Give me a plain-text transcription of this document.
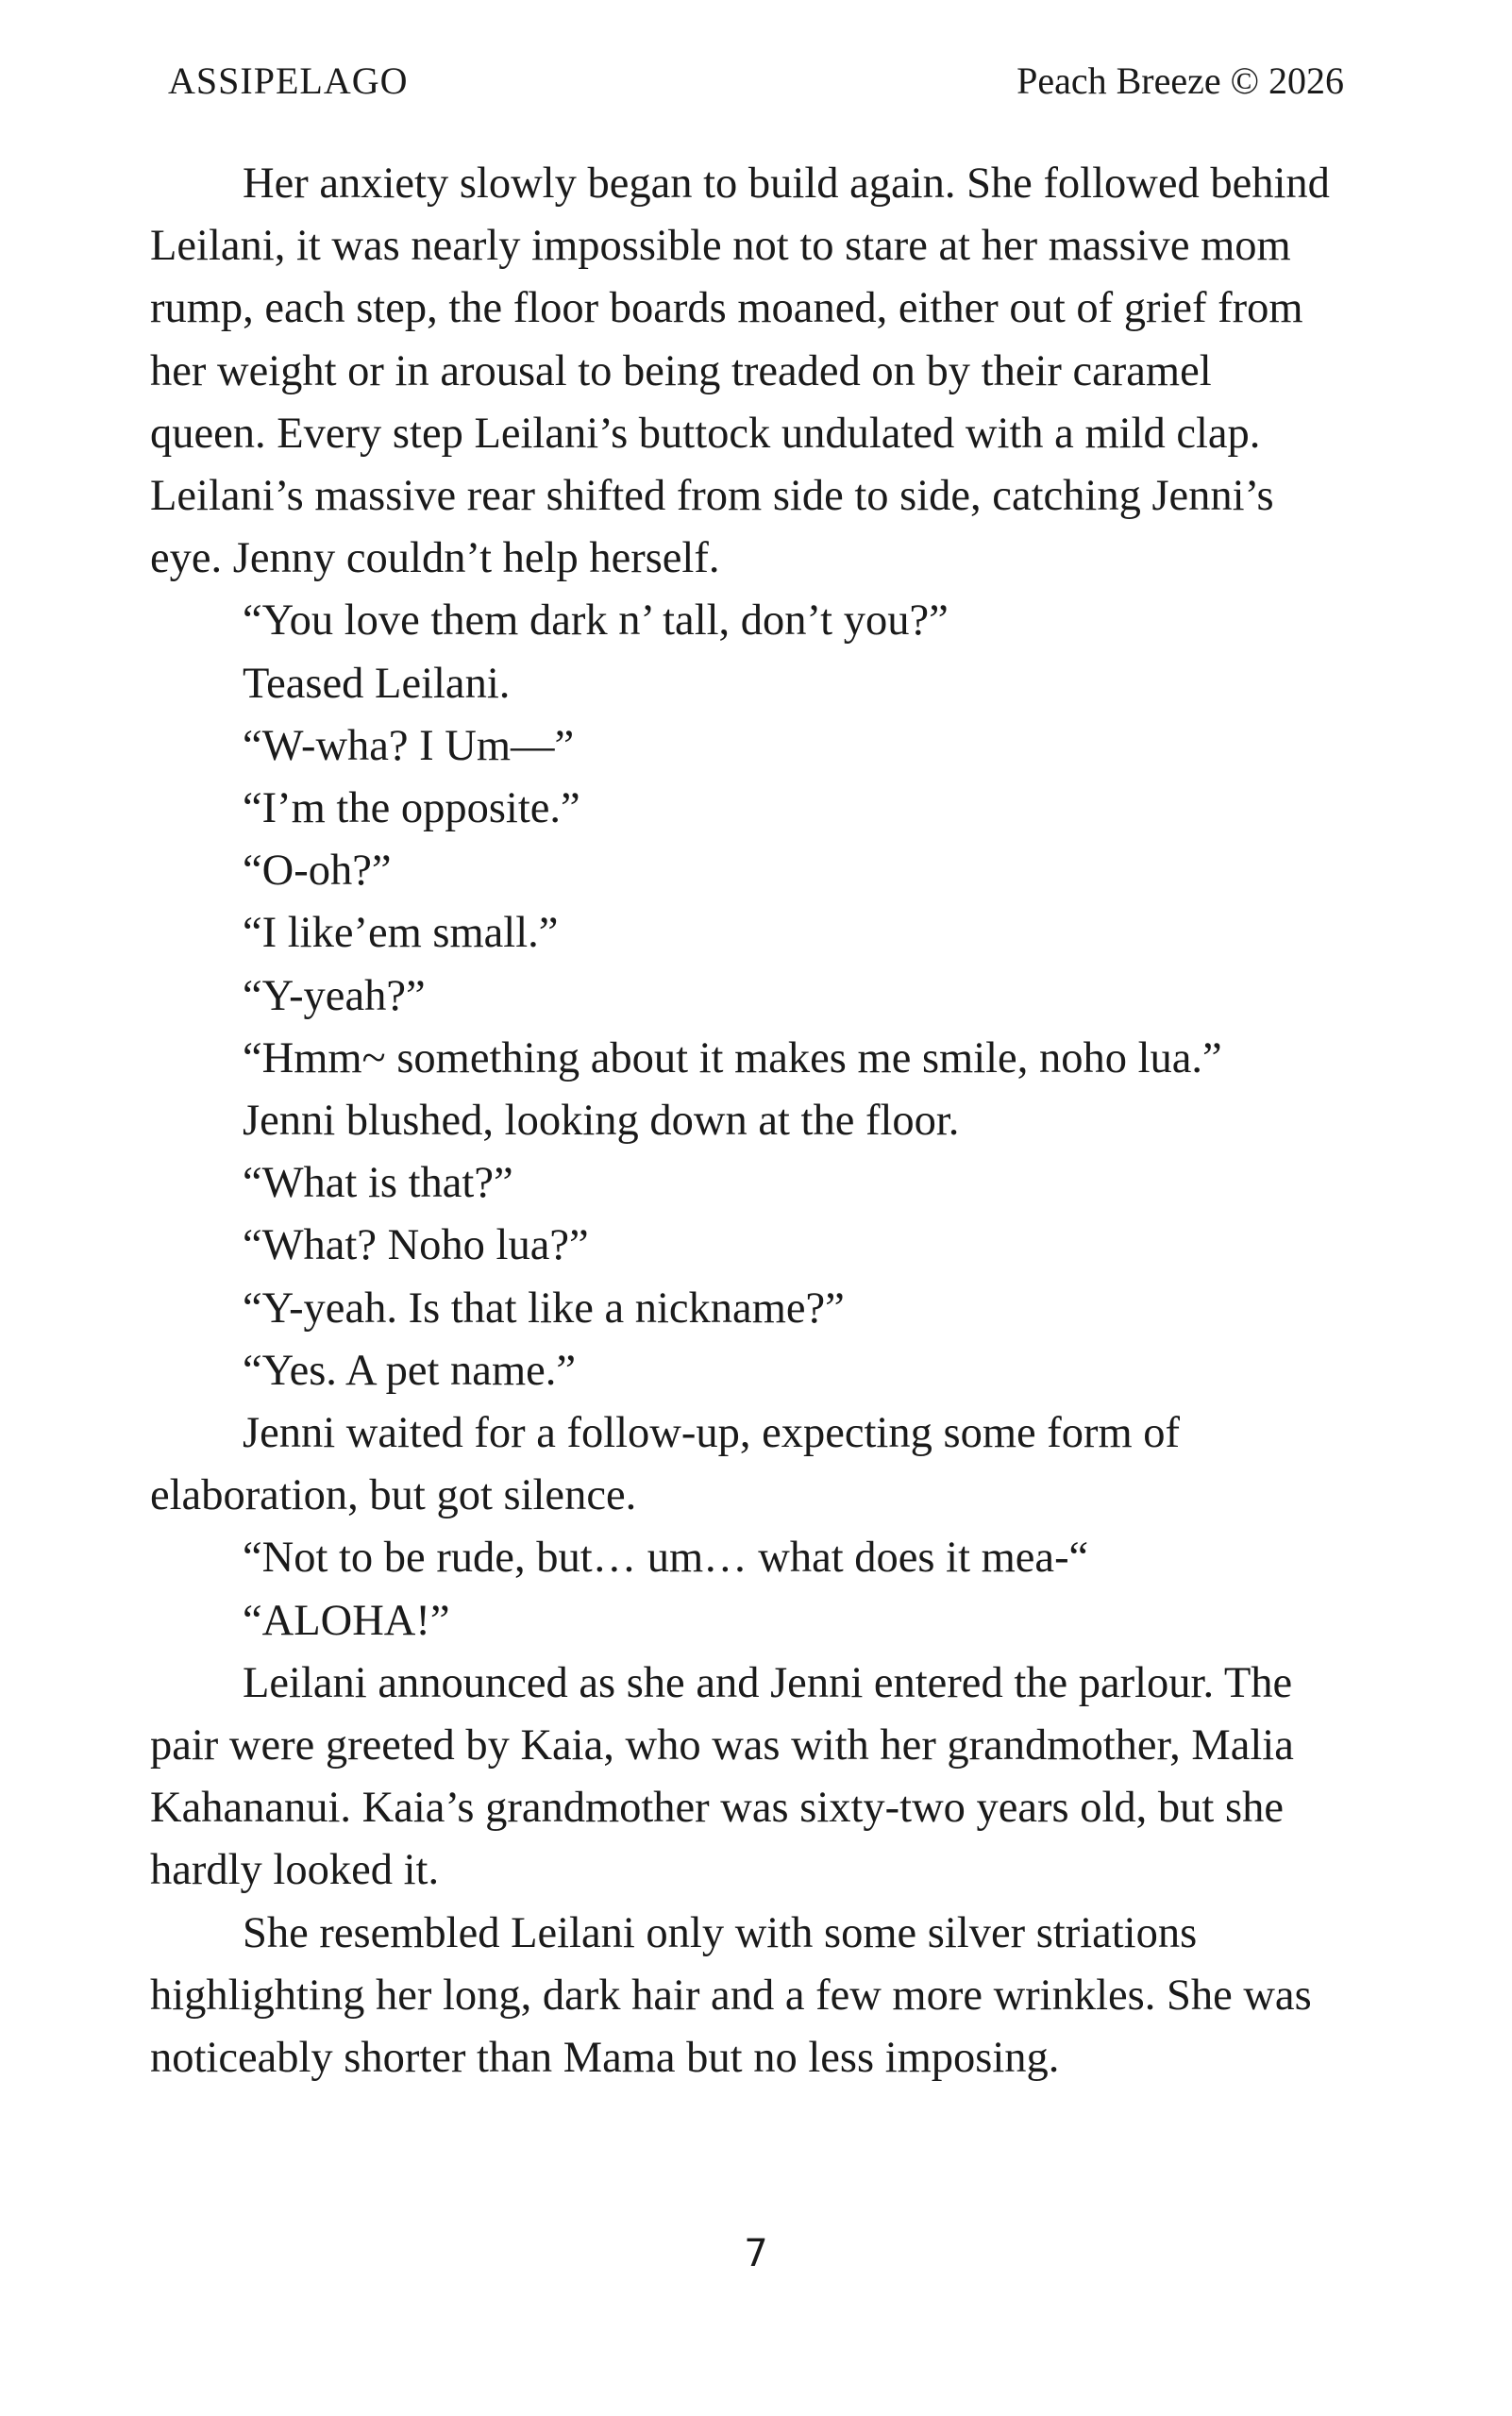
ASSIPELAGO	Peach Breeze © 2026

Her anxiety slowly began to build again. She followed behind Leilani, it was nearly impossible not to stare at her massive mom rump, each step, the floor boards moaned, either out of grief from her weight or in arousal to being treaded on by their caramel queen. Every step Leilani’s buttock undulated with a mild clap. Leilani’s massive rear shifted from side to side, catching Jenni’s eye. Jenny couldn’t help herself.

“You love them dark n’ tall, don’t you?”

Teased Leilani.

“W-wha? I Um—”

“I’m the opposite.”

“O-oh?”

“I like’em small.”

“Y-yeah?”

“Hmm~ something about it makes me smile, noho lua.”

Jenni blushed, looking down at the floor.

“What is that?”

“What? Noho lua?”

“Y-yeah. Is that like a nickname?”

“Yes. A pet name.”

Jenni waited for a follow-up, expecting some form of elaboration, but got silence.

“Not to be rude, but… um… what does it mea-“

“ALOHA!”

Leilani announced as she and Jenni entered the parlour. The pair were greeted by Kaia, who was with her grandmother, Malia Kahananui. Kaia’s grandmother was sixty-two years old, but she hardly looked it.

She resembled Leilani only with some silver striations highlighting her long, dark hair and a few more wrinkles. She was noticeably shorter than Mama but no less imposing.

7
